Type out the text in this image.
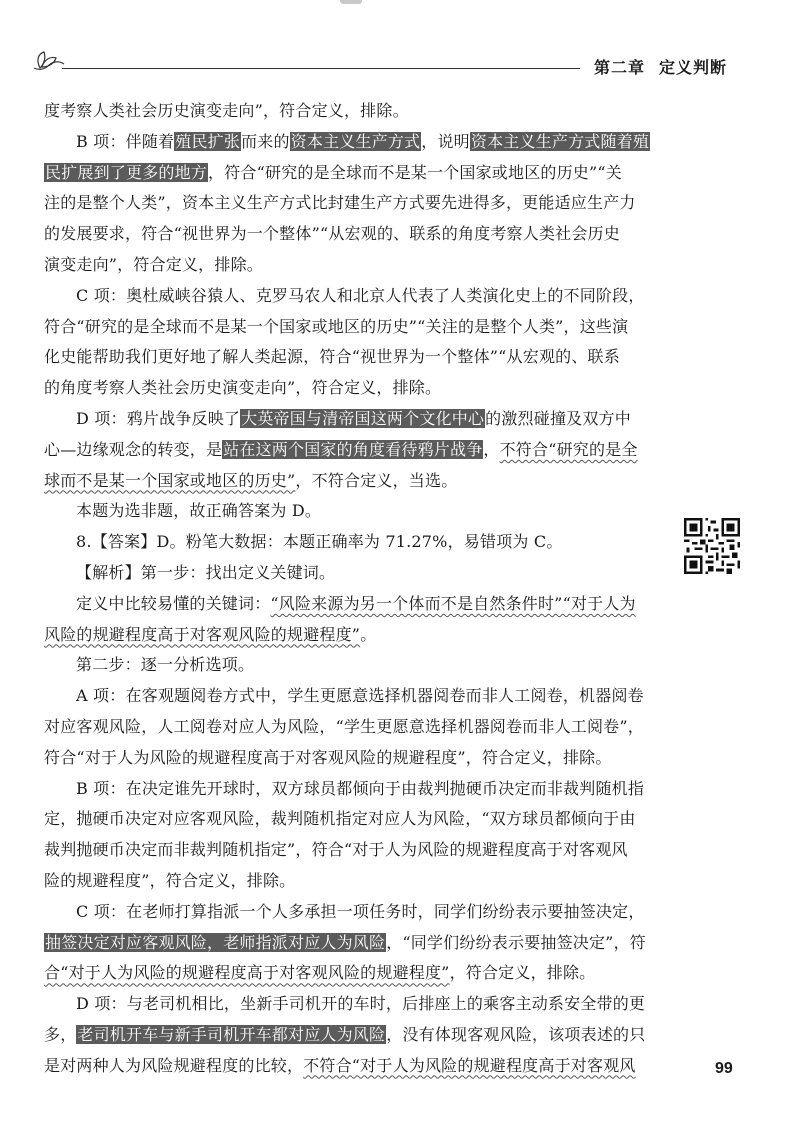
第二章 定义判断
度考察人类社会历史演变走向”，符合定义，排除。
B 项：伴随着殖民扩张而来的资本主义生产方式，说明资本主义生产方式随着殖
民扩展到了更多的地方，符合“研究的是全球而不是某一个国家或地区的历史”“关
注的是整个人类”，资本主义生产方式比封建生产方式要先进得多，更能适应生产力
的发展要求，符合“视世界为一个整体”“从宏观的、联系的角度考察人类社会历史
演变走向”，符合定义，排除。
C 项：奥杜威峡谷猿人、克罗马农人和北京人代表了人类演化史上的不同阶段，
符合“研究的是全球而不是某一个国家或地区的历史”“关注的是整个人类”，这些演
化史能帮助我们更好地了解人类起源，符合“视世界为一个整体”“从宏观的、联系
的角度考察人类社会历史演变走向”，符合定义，排除。
D 项：鸦片战争反映了大英帝国与清帝国这两个文化中心的激烈碰撞及双方中
心—边缘观念的转变，是站在这两个国家的角度看待鸦片战争，不符合“研究的是全
球而不是某一个国家或地区的历史”，不符合定义，当选。
本题为选非题，故正确答案为 D。
8.【答案】D。粉笔大数据：本题正确率为 71.27%，易错项为 C。
【解析】第一步：找出定义关键词。
定义中比较易懂的关键词：“风险来源为另一个体而不是自然条件时”“对于人为
风险的规避程度高于对客观风险的规避程度”。
第二步：逐一分析选项。
A 项：在客观题阅卷方式中，学生更愿意选择机器阅卷而非人工阅卷，机器阅卷
对应客观风险，人工阅卷对应人为风险，“学生更愿意选择机器阅卷而非人工阅卷”，
符合“对于人为风险的规避程度高于对客观风险的规避程度”，符合定义，排除。
B 项：在决定谁先开球时，双方球员都倾向于由裁判抛硬币决定而非裁判随机指
定，抛硬币决定对应客观风险，裁判随机指定对应人为风险，“双方球员都倾向于由
裁判抛硬币决定而非裁判随机指定”，符合“对于人为风险的规避程度高于对客观风
险的规避程度”，符合定义，排除。
C 项：在老师打算指派一个人多承担一项任务时，同学们纷纷表示要抽签决定，
抽签决定对应客观风险，老师指派对应人为风险，“同学们纷纷表示要抽签决定”，符
合“对于人为风险的规避程度高于对客观风险的规避程度”，符合定义，排除。
D 项：与老司机相比，坐新手司机开的车时，后排座上的乘客主动系安全带的更
多，老司机开车与新手司机开车都对应人为风险，没有体现客观风险，该项表述的只
是对两种人为风险规避程度的比较，不符合“对于人为风险的规避程度高于对客观风	99
